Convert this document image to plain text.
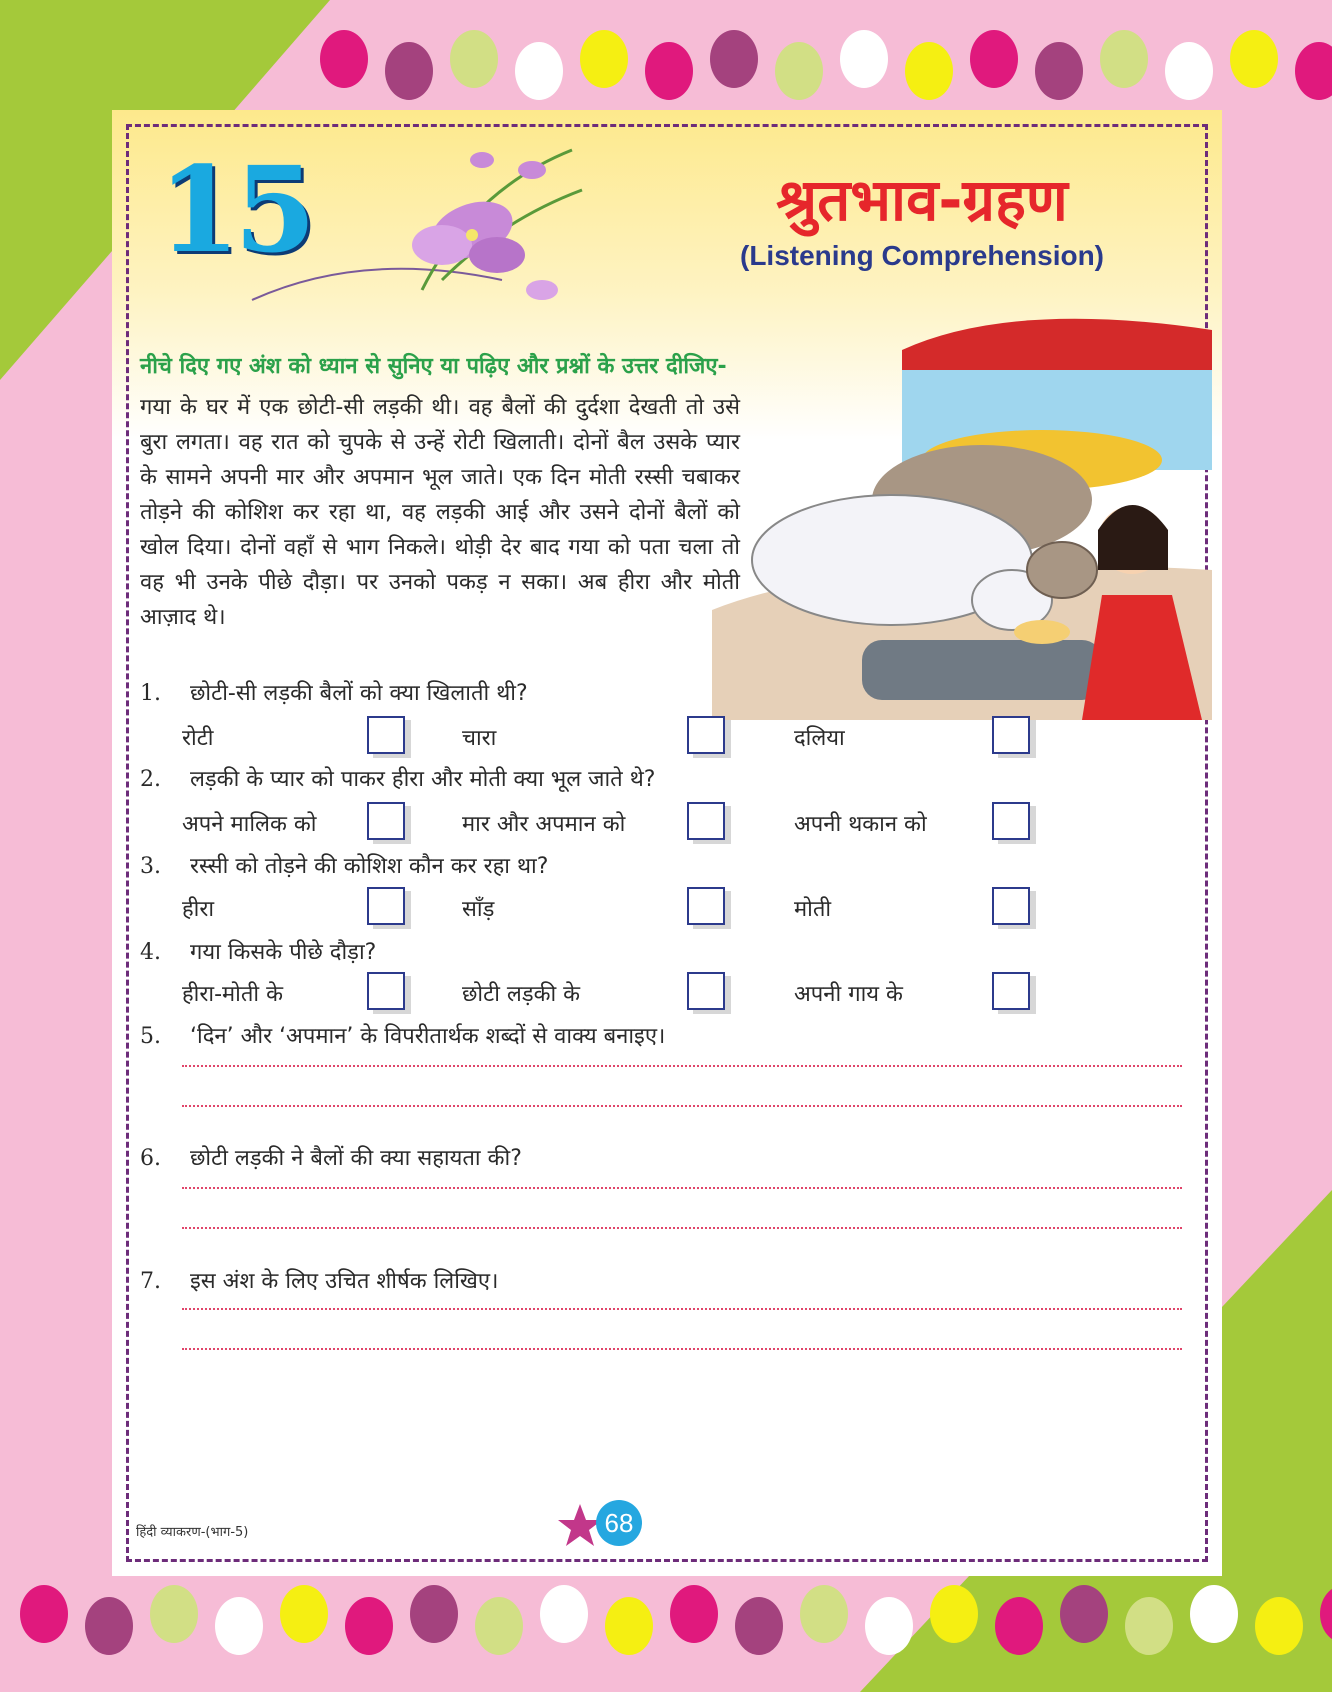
15	श्रुतभाव-ग्रहण
(Listening Comprehension)
नीचे दिए गए अंश को ध्यान से सुनिए या पढ़िए और प्रश्नों के उत्तर दीजिए-

गया के घर में एक छोटी-सी लड़की थी। वह बैलों की दुर्दशा देखती तो उसे बुरा लगता। वह रात को चुपके से उन्हें रोटी खिलाती। दोनों बैल उसके प्यार के सामने अपनी मार और अपमान भूल जाते। एक दिन मोती रस्सी चबाकर तोड़ने की कोशिश कर रहा था, वह लड़की आई और उसने दोनों बैलों को खोल दिया। दोनों वहाँ से भाग निकले। थोड़ी देर बाद गया को पता चला तो वह भी उनके पीछे दौड़ा। पर उनको पकड़ न सका। अब हीरा और मोती आज़ाद थे।

1. छोटी-सी लड़की बैलों को क्या खिलाती थी?
रोटी	चारा	दलिया
2. लड़की के प्यार को पाकर हीरा और मोती क्या भूल जाते थे?
अपने मालिक को	मार और अपमान को	अपनी थकान को
3. रस्सी को तोड़ने की कोशिश कौन कर रहा था?
हीरा	साँड़	मोती
4. गया किसके पीछे दौड़ा?
हीरा-मोती के	छोटी लड़की के	अपनी गाय के
5. ‘दिन’ और ‘अपमान’ के विपरीतार्थक शब्दों से वाक्य बनाइए।
6. छोटी लड़की ने बैलों की क्या सहायता की?
7. इस अंश के लिए उचित शीर्षक लिखिए।
हिंदी व्याकरण-(भाग-5)	68
